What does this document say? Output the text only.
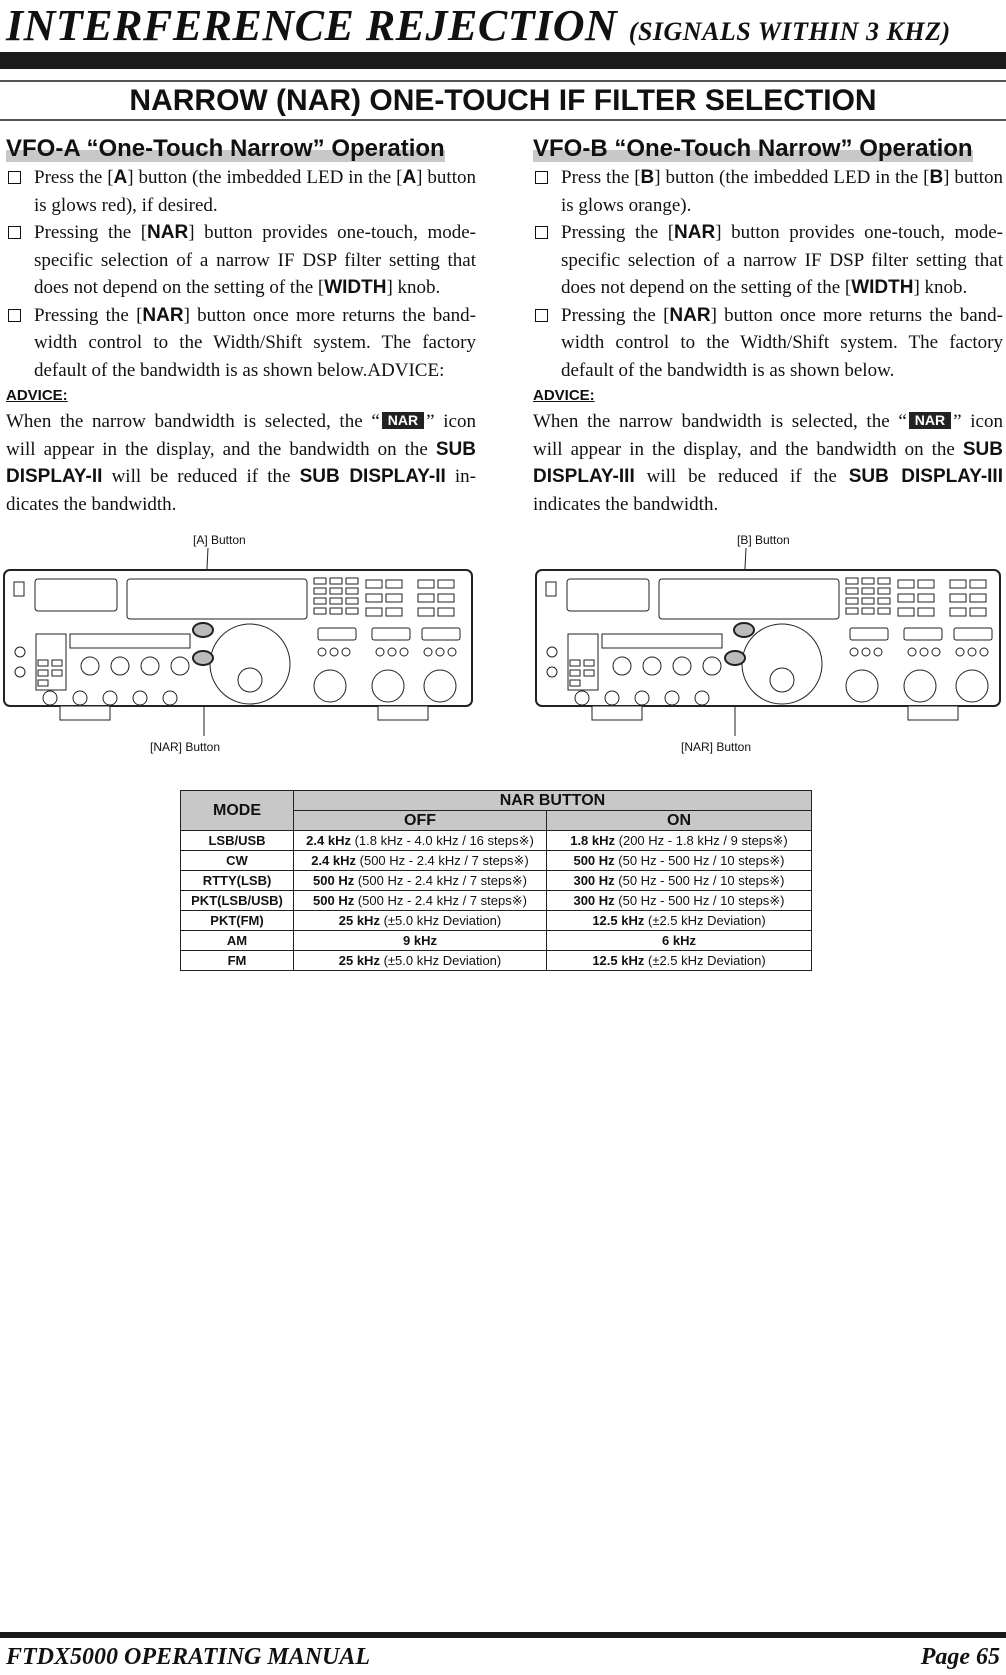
INTERFERENCE REJECTION (SIGNALS WITHIN 3 KHZ)
NARROW (NAR) ONE-TOUCH IF FILTER SELECTION
VFO-A “One-Touch Narrow” Operation
Press the [A] button (the imbedded LED in the [A] button is glows red), if desired.
Pressing the [NAR] button provides one-touch, mode-specific selection of a narrow IF DSP filter setting that does not depend on the setting of the [WIDTH] knob.
Pressing the [NAR] button once more returns the band-width control to the Width/Shift system. The factory default of the bandwidth is as shown below.ADVICE:
ADVICE:
When the narrow bandwidth is selected, the “ NAR ” icon will appear in the display, and the bandwidth on the SUB DISPLAY-II will be reduced if the SUB DISPLAY-II in-dicates the bandwidth.
VFO-B “One-Touch Narrow” Operation
Press the [B] button (the imbedded LED in the [B] button is glows orange).
Pressing the [NAR] button provides one-touch, mode-specific selection of a narrow IF DSP filter setting that does not depend on the setting of the [WIDTH] knob.
Pressing the [NAR] button once more returns the band-width control to the Width/Shift system. The factory default of the bandwidth is as shown below.
ADVICE:
When the narrow bandwidth is selected, the “ NAR ” icon will appear in the display, and the bandwidth on the SUB DISPLAY-III will be reduced if the SUB DISPLAY-III indicates the bandwidth.
[A] Button
[NAR] Button
[B] Button
[NAR] Button
MODE	NAR BUTTON	
	OFF	ON
LSB/USB	2.4 kHz (1.8 kHz - 4.0 kHz / 16 steps※)	1.8 kHz (200 Hz - 1.8 kHz / 9 steps※)
CW	2.4 kHz (500 Hz - 2.4 kHz / 7 steps※)	500 Hz (50 Hz - 500 Hz / 10 steps※)
RTTY(LSB)	500 Hz (500 Hz - 2.4 kHz / 7 steps※)	300 Hz (50 Hz - 500 Hz / 10 steps※)
PKT(LSB/USB)	500 Hz (500 Hz - 2.4 kHz / 7 steps※)	300 Hz (50 Hz - 500 Hz / 10 steps※)
PKT(FM)	25 kHz (±5.0 kHz Deviation)	12.5 kHz (±2.5 kHz Deviation)
AM	9 kHz	6 kHz
FM	25 kHz (±5.0 kHz Deviation)	12.5 kHz (±2.5 kHz Deviation)
FTDX5000 OPERATING MANUAL	Page 65
